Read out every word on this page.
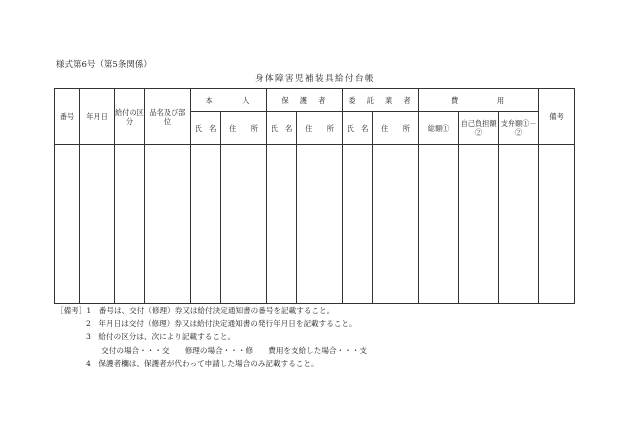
様式第6号（第5条関係）
身体障害児補装具給付台帳
番号	年月日	給付の区　分	品名及び部　位	本　　　人		保　護　者		委　託　業　者		費　　　　用			備考
				氏　名	住　　所	氏　名	住　　所	氏　名	住　　所	総額①	自己負担額②	支弁額①－②	

［備考］1　番号は、交付（修理）券又は給付決定通知書の番号を記載すること。
2　年月日は交付（修理）券又は給付決定通知書の発行年月日を記載すること。
3　給付の区分は、次により記載すること。
　　交付の場合・・・交　　修理の場合・・・修　　費用を支給した場合・・・支
4　保護者欄は、保護者が代わって申請した場合のみ記載すること。
